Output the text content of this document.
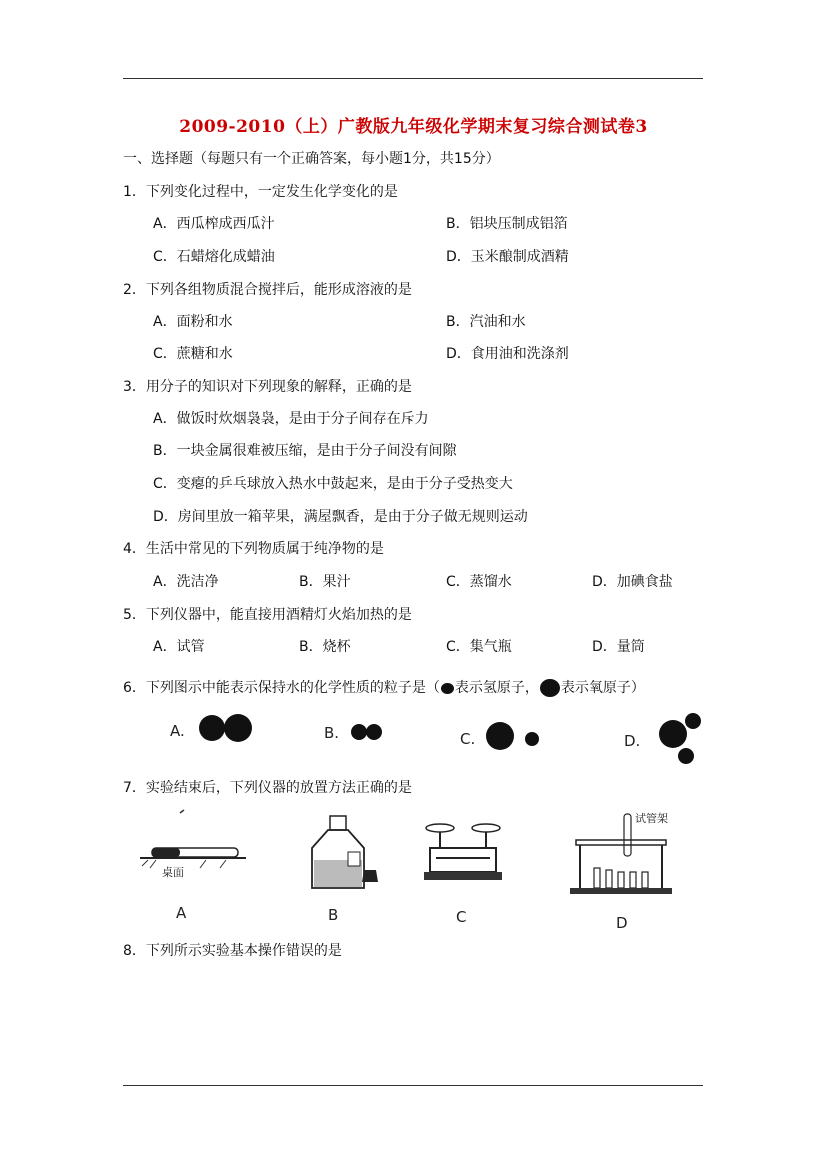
2009-2010（上）广教版九年级化学期末复习综合测试卷3
一、选择题（每题只有一个正确答案，每小题1分，共15分）
1．下列变化过程中，一定发生化学变化的是
A．西瓜榨成西瓜汁	B．铝块压制成铝箔
C．石蜡熔化成蜡油	D．玉米酿制成酒精
2．下列各组物质混合搅拌后，能形成溶液的是
A．面粉和水	B．汽油和水
C．蔗糖和水	D．食用油和洗涤剂
3．用分子的知识对下列现象的解释，正确的是
A．做饭时炊烟袅袅，是由于分子间存在斥力
B．一块金属很难被压缩，是由于分子间没有间隙
C．变瘪的乒乓球放入热水中鼓起来，是由于分子受热变大
D．房间里放一箱苹果，满屋飘香，是由于分子做无规则运动
4．生活中常见的下列物质属于纯净物的是
A．洗洁净	B．果汁	C．蒸馏水	D．加碘食盐
5．下列仪器中，能直接用酒精灯火焰加热的是
A．试管	B．烧杯	C．集气瓶	D．量筒
6．下列图示中能表示保持水的化学性质的粒子是（ 表示氢原子， 表示氧原子）
A.	B.	C.	D.
7．实验结束后，下列仪器的放置方法正确的是
桌面
A	B	C
试管架
D
8．下列所示实验基本操作错误的是
